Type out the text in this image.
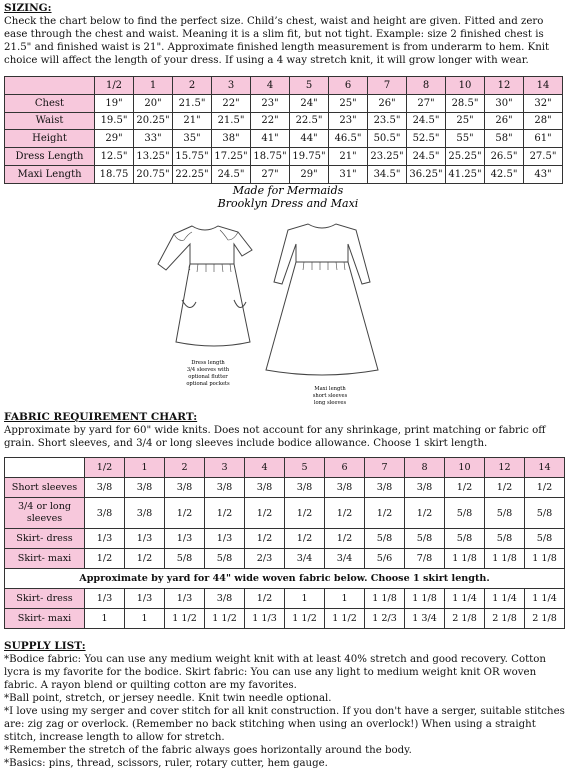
SIZING:

Check the chart below to find the perfect size. Child’s chest, waist and height are given. Fitted and zero ease through the chest and waist. Meaning it is a slim fit, but not tight. Example: size 2 finished chest is 21.5" and finished waist is 21". Approximate finished length measurement is from underarm to hem. Knit choice will affect the length of your dress. If using a 4 way stretch knit, it will grow longer with wear.

	1/2	1	2	3	4	5	6	7	8	10	12	14
Chest	19"	20"	21.5"	22"	23"	24"	25"	26"	27"	28.5"	30"	32"
Waist	19.5"	20.25"	21"	21.5"	22"	22.5"	23"	23.5"	24.5"	25"	26"	28"
Height	29"	33"	35"	38"	41"	44"	46.5"	50.5"	52.5"	55"	58"	61"
Dress Length	12.5"	13.25"	15.75"	17.25"	18.75"	19.75"	21"	23.25"	24.5"	25.25"	26.5"	27.5"
Maxi Length	18.75	20.75"	22.25"	24.5"	27"	29"	31"	34.5"	36.25"	41.25"	42.5"	43"
Made for Mermaids
Brooklyn Dress and Maxi
Dress length
3/4 sleeves with
optional flutter
optional pockets
Maxi length
short sleeves
long sleeves
FABRIC REQUIREMENT CHART:

Approximate by yard for 60" wide knits. Does not account for any shrinkage, print matching or fabric off grain. Short sleeves, and 3/4 or long sleeves include bodice allowance. Choose 1 skirt length.

	1/2	1	2	3	4	5	6	7	8	10	12	14
Short sleeves	3/8	3/8	3/8	3/8	3/8	3/8	3/8	3/8	3/8	1/2	1/2	1/2
3/4 or long sleeves	3/8	3/8	1/2	1/2	1/2	1/2	1/2	1/2	1/2	5/8	5/8	5/8
Skirt- dress	1/3	1/3	1/3	1/3	1/2	1/2	1/2	5/8	5/8	5/8	5/8	5/8
Skirt- maxi	1/2	1/2	5/8	5/8	2/3	3/4	3/4	5/6	7/8	1 1/8	1 1/8	1 1/8
Approximate by yard for 44" wide woven fabric below. Choose 1 skirt length.												
Skirt- dress	1/3	1/3	1/3	3/8	1/2	1	1	1 1/8	1 1/8	1 1/4	1 1/4	1 1/4
Skirt- maxi	1	1	1 1/2	1 1/2	1 1/3	1 1/2	1 1/2	1 2/3	1 3/4	2 1/8	2 1/8	2 1/8
SUPPLY LIST:

*Bodice fabric: You can use any medium weight knit with at least 40% stretch and good recovery. Cotton lycra is my favorite for the bodice. Skirt fabric: You can use any light to medium weight knit OR woven fabric. A rayon blend or quilting cotton are my favorites.

*Ball point, stretch, or jersey needle. Knit twin needle optional.

*I love using my serger and cover stitch for all knit construction. If you don't have a serger, suitable stitches are: zig zag or overlock. (Remember no back stitching when using an overlock!) When using a straight stitch, increase length to allow for stretch.

*Remember the stretch of the fabric always goes horizontally around the body.

*Basics: pins, thread, scissors, ruler, rotary cutter, hem gauge.
